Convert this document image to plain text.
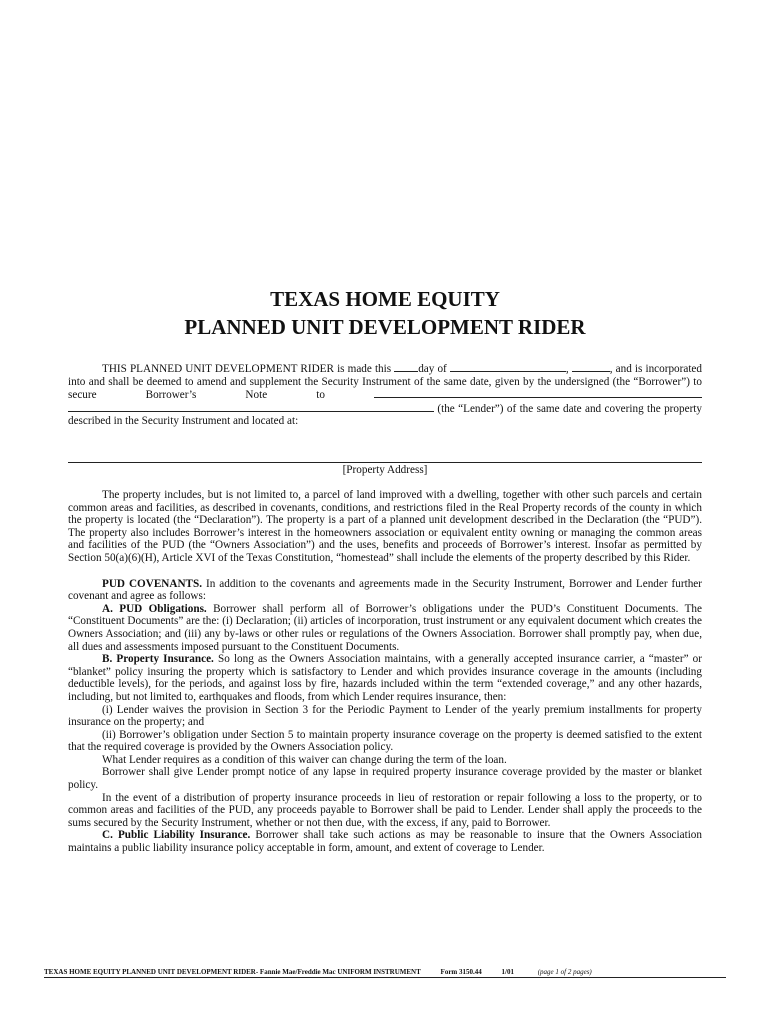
TEXAS HOME EQUITY
PLANNED UNIT DEVELOPMENT RIDER

THIS PLANNED UNIT DEVELOPMENT RIDER is made this day of	,	, and is incorporated into and shall be deemed to amend and supplement the Security Instrument of the same date, given by the undersigned (the “Borrower”) to secure Borrower’s Note to  (the “Lender”) of the same date and covering the property described in the Security Instrument and located at:

[Property Address]

The property includes, but is not limited to, a parcel of land improved with a dwelling, together with other such parcels and certain common areas and facilities, as described in covenants, conditions, and restrictions filed in the Real Property records of the county in which the property is located (the “Declaration”). The property is a part of a planned unit development described in the Declaration (the “PUD”). The property also includes Borrower’s interest in the homeowners association or equivalent entity owning or managing the common areas and facilities of the PUD (the “Owners Association”) and the uses, benefits and proceeds of Borrower’s interest. Insofar as permitted by Section 50(a)(6)(H), Article XVI of the Texas Constitution, “homestead” shall include the elements of the property described by this Rider.

PUD COVENANTS. In addition to the covenants and agreements made in the Security Instrument, Borrower and Lender further covenant and agree as follows:

A. PUD Obligations. Borrower shall perform all of Borrower’s obligations under the PUD’s Constituent Documents. The “Constituent Documents” are the: (i) Declaration; (ii) articles of incorporation, trust instrument or any equivalent document which creates the Owners Association; and (iii) any by-laws or other rules or regulations of the Owners Association. Borrower shall promptly pay, when due, all dues and assessments imposed pursuant to the Constituent Documents.

B. Property Insurance. So long as the Owners Association maintains, with a generally accepted insurance carrier, a “master” or “blanket” policy insuring the property which is satisfactory to Lender and which provides insurance coverage in the amounts (including deductible levels), for the periods, and against loss by fire, hazards included within the term “extended coverage,” and any other hazards, including, but not limited to, earthquakes and floods, from which Lender requires insurance, then:

(i) Lender waives the provision in Section 3 for the Periodic Payment to Lender of the yearly premium installments for property insurance on the property; and

(ii) Borrower’s obligation under Section 5 to maintain property insurance coverage on the property is deemed satisfied to the extent that the required coverage is provided by the Owners Association policy.

What Lender requires as a condition of this waiver can change during the term of the loan.

Borrower shall give Lender prompt notice of any lapse in required property insurance coverage provided by the master or blanket policy.

In the event of a distribution of property insurance proceeds in lieu of restoration or repair following a loss to the property, or to common areas and facilities of the PUD, any proceeds payable to Borrower shall be paid to Lender. Lender shall apply the proceeds to the sums secured by the Security Instrument, whether or not then due, with the excess, if any, paid to Borrower.

C. Public Liability Insurance. Borrower shall take such actions as may be reasonable to insure that the Owners Association maintains a public liability insurance policy acceptable in form, amount, and extent of coverage to Lender.

TEXAS HOME EQUITY PLANNED UNIT DEVELOPMENT RIDER- Fannie Mae/Freddie Mac UNIFORM INSTRUMENT	Form 3150.44	1/01	(page 1 of 2 pages)
